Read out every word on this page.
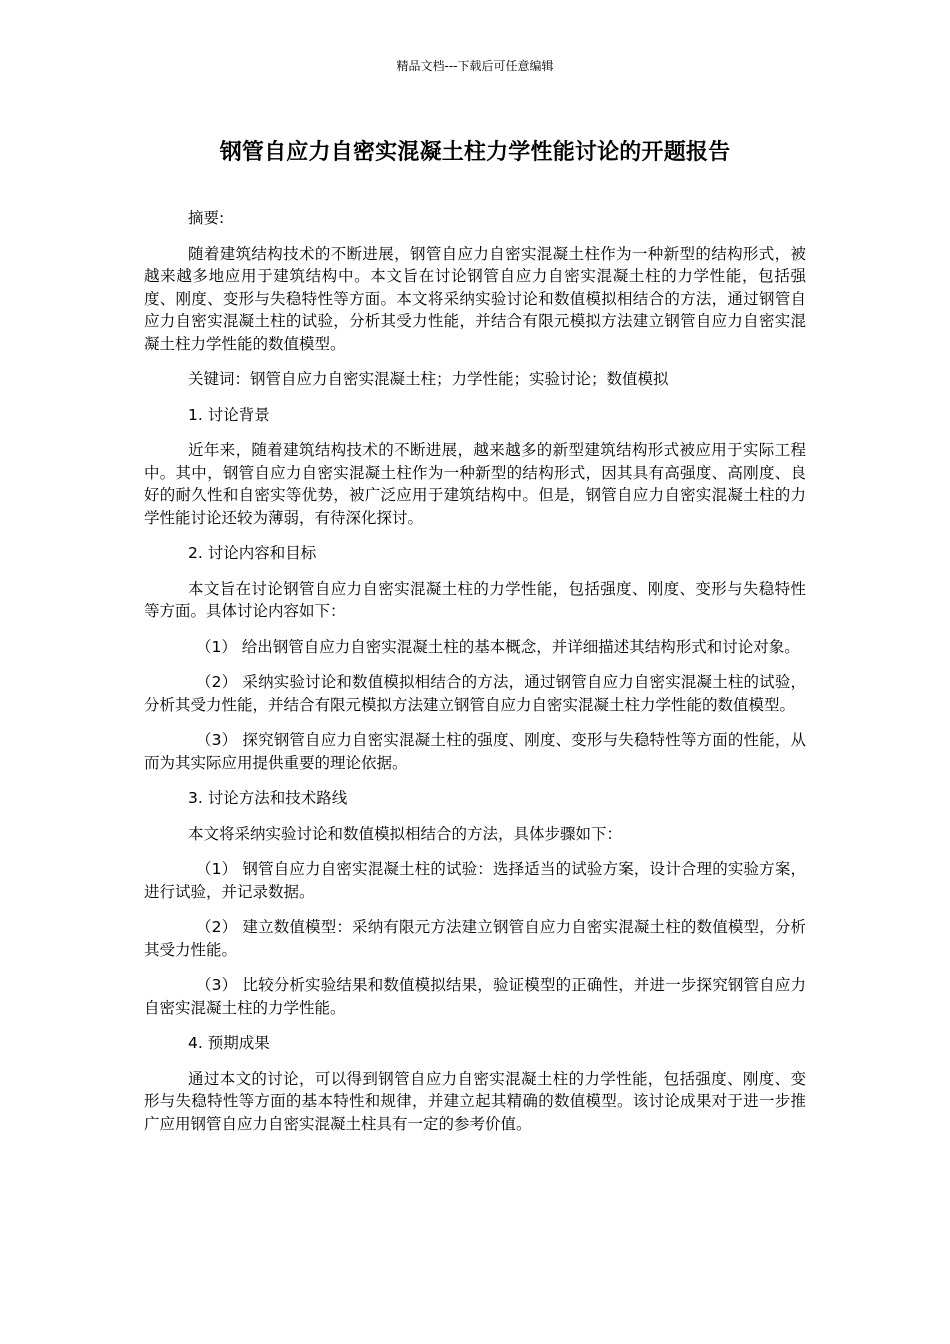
精品文档---下载后可任意编辑
钢管自应力自密实混凝土柱力学性能讨论的开题报告

摘要:

随着建筑结构技术的不断进展，钢管自应力自密实混凝土柱作为一种新型的结构形式，被越来越多地应用于建筑结构中。本文旨在讨论钢管自应力自密实混凝土柱的力学性能，包括强度、刚度、变形与失稳特性等方面。本文将采纳实验讨论和数值模拟相结合的方法，通过钢管自应力自密实混凝土柱的试验，分析其受力性能，并结合有限元模拟方法建立钢管自应力自密实混凝土柱力学性能的数值模型。

关键词：钢管自应力自密实混凝土柱；力学性能；实验讨论；数值模拟

1. 讨论背景

近年来，随着建筑结构技术的不断进展，越来越多的新型建筑结构形式被应用于实际工程中。其中，钢管自应力自密实混凝土柱作为一种新型的结构形式，因其具有高强度、高刚度、良好的耐久性和自密实等优势，被广泛应用于建筑结构中。但是，钢管自应力自密实混凝土柱的力学性能讨论还较为薄弱，有待深化探讨。

2. 讨论内容和目标

本文旨在讨论钢管自应力自密实混凝土柱的力学性能，包括强度、刚度、变形与失稳特性等方面。具体讨论内容如下：

（1） 给出钢管自应力自密实混凝土柱的基本概念，并详细描述其结构形式和讨论对象。

（2） 采纳实验讨论和数值模拟相结合的方法，通过钢管自应力自密实混凝土柱的试验，分析其受力性能，并结合有限元模拟方法建立钢管自应力自密实混凝土柱力学性能的数值模型。

（3） 探究钢管自应力自密实混凝土柱的强度、刚度、变形与失稳特性等方面的性能，从而为其实际应用提供重要的理论依据。

3. 讨论方法和技术路线

本文将采纳实验讨论和数值模拟相结合的方法，具体步骤如下：

（1） 钢管自应力自密实混凝土柱的试验：选择适当的试验方案，设计合理的实验方案，进行试验，并记录数据。

（2） 建立数值模型：采纳有限元方法建立钢管自应力自密实混凝土柱的数值模型，分析其受力性能。

（3） 比较分析实验结果和数值模拟结果，验证模型的正确性，并进一步探究钢管自应力自密实混凝土柱的力学性能。

4. 预期成果

通过本文的讨论，可以得到钢管自应力自密实混凝土柱的力学性能，包括强度、刚度、变形与失稳特性等方面的基本特性和规律，并建立起其精确的数值模型。该讨论成果对于进一步推广应用钢管自应力自密实混凝土柱具有一定的参考价值。
